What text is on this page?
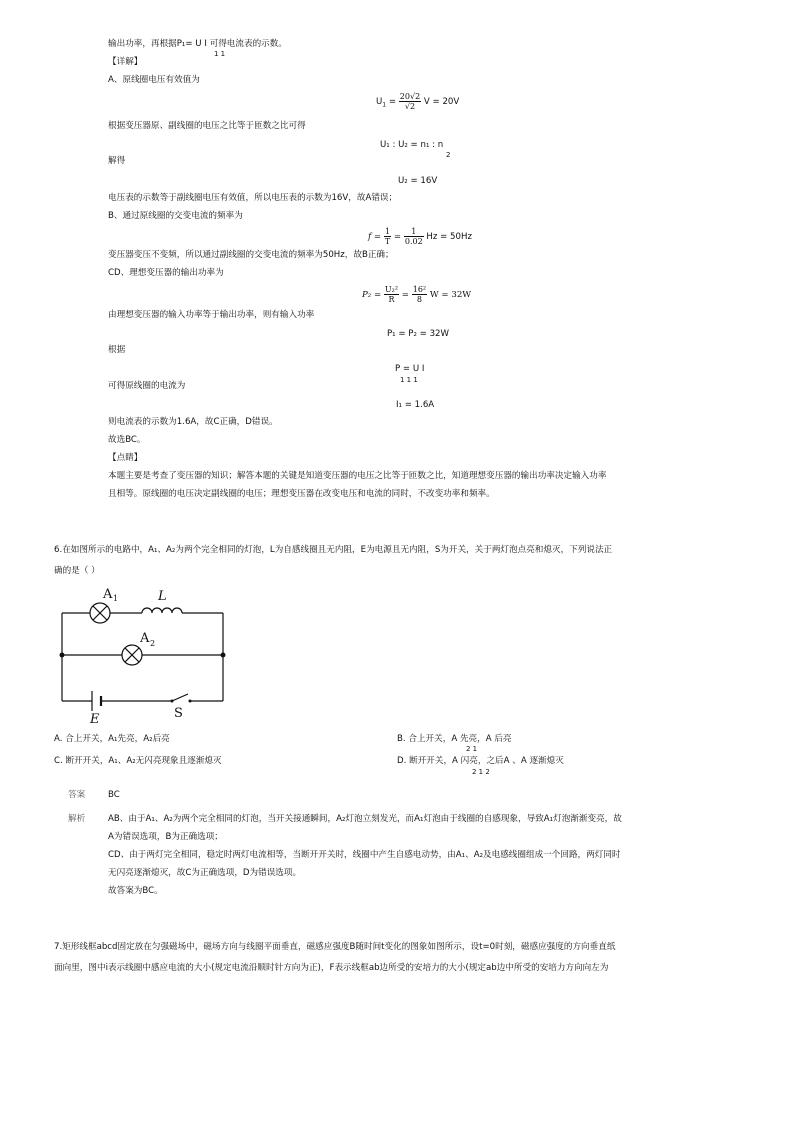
输出功率，再根据P₁= U I 可得电流表的示数。
1 1
【详解】
A、原线圈电压有效值为
$U_1 = \frac{20√2}{√2}$ V = 20V
根据变压器原、副线圈的电压之比等于匝数之比可得
U₁ : U₂ = n₁ : n
2
解得
U₂ = 16V
电压表的示数等于副线圈电压有效值，所以电压表的示数为16V，故A错误；
B、通过原线圈的交变电流的频率为
$f = \frac{1}{T} = \frac{1}{0.02}$ Hz = 50Hz
变压器变压不变频，所以通过副线圈的交变电流的频率为50Hz，故B正确；
CD、理想变压器的输出功率为
$P_2 = \frac{\text{U₂²}}{R} = \frac{\text{16²}}{8}$ W = 32W
由理想变压器的输入功率等于输出功率，则有输入功率
P₁ = P₂ = 32W
根据
P = U I
1 1 1
可得原线圈的电流为
I₁ = 1.6A
则电流表的示数为1.6A，故C正确，D错误。
故选BC。
【点睛】
本题主要是考查了变压器的知识；解答本题的关键是知道变压器的电压之比等于匝数之比，知道理想变压器的输出功率决定输入功率
且相等。原线圈的电压决定副线圈的电压；理想变压器在改变电压和电流的同时，不改变功率和频率。
6.在如图所示的电路中，A₁、A₂为两个完全相同的灯泡，L为自感线圈且无内阻，E为电源且无内阻，S为开关，关于两灯泡点亮和熄灭，下列说法正
确的是（ ）
A 1	L
A 2
E	S
A. 合上开关，A₁先亮，A₂后亮	B. 合上开关，A 先亮，A 后亮
2 1
C. 断开开关，A₁、A₂无闪亮现象且逐渐熄灭	D. 断开开关，A 闪亮，之后A 、A 逐渐熄灭
2 1 2
答案	BC
解析	AB、由于A₁、A₂为两个完全相同的灯泡，当开关接通瞬间，A₂灯泡立刻发光，而A₁灯泡由于线圈的自感现象，导致A₁灯泡渐渐变亮，故
A为错误选项，B为正确选项；
CD、由于两灯完全相同，稳定时两灯电流相等，当断开开关时，线圈中产生自感电动势，由A₁、A₂及电感线圈组成一个回路，两灯同时
无闪亮逐渐熄灭，故C为正确选项，D为错误选项。
故答案为BC。
7.矩形线框abcd固定放在匀强磁场中，磁场方向与线圈平面垂直，磁感应强度B随时间t变化的图象如图所示，设t=0时刻，磁感应强度的方向垂直纸
面向里，图中i表示线圈中感应电流的大小(规定电流沿顺时针方向为正)，F表示线框ab边所受的安培力的大小(规定ab边中所受的安培力方向向左为
